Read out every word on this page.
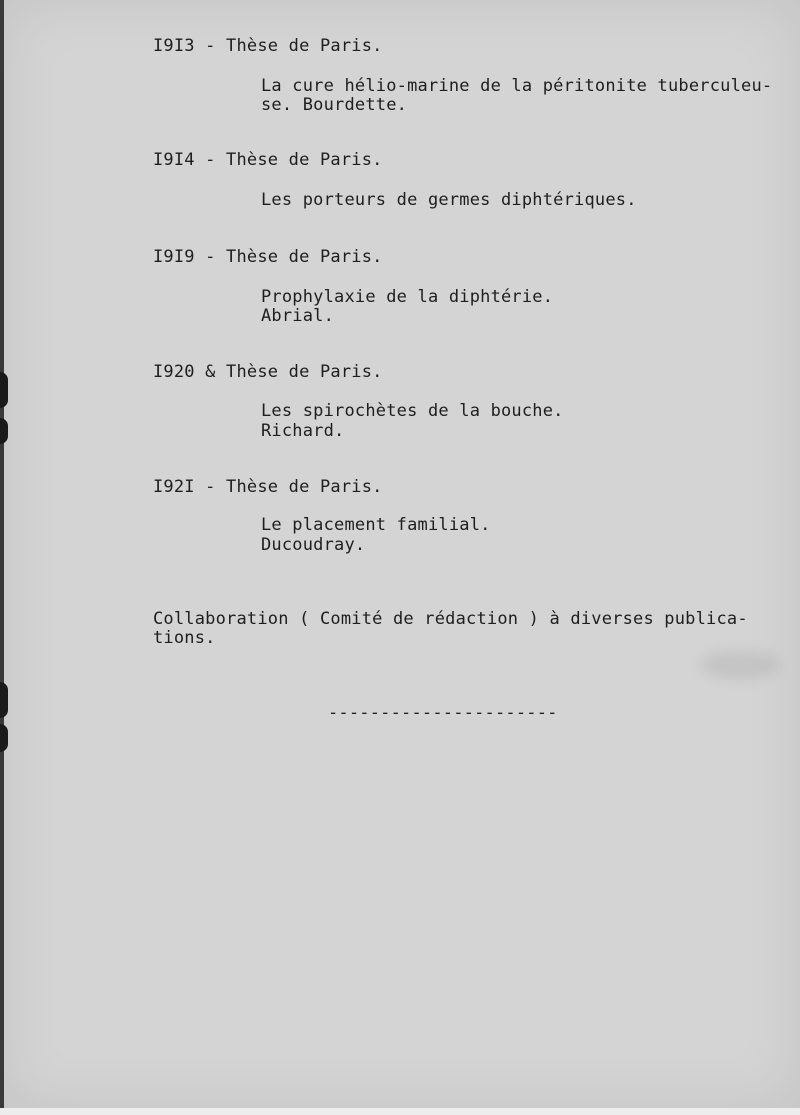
I9I3 - Thèse de Paris.
La cure hélio-marine de la péritonite tuberculeu-
se. Bourdette.
I9I4 - Thèse de Paris.
Les porteurs de germes diphtériques.
I9I9 - Thèse de Paris.
Prophylaxie de la diphtérie.
Abrial.
I920 & Thèse de Paris.
Les spirochètes de la bouche.
Richard.
I92I - Thèse de Paris.
Le placement familial.
Ducoudray.
Collaboration ( Comité de rédaction ) à diverses publica-
tions.
----------------------
